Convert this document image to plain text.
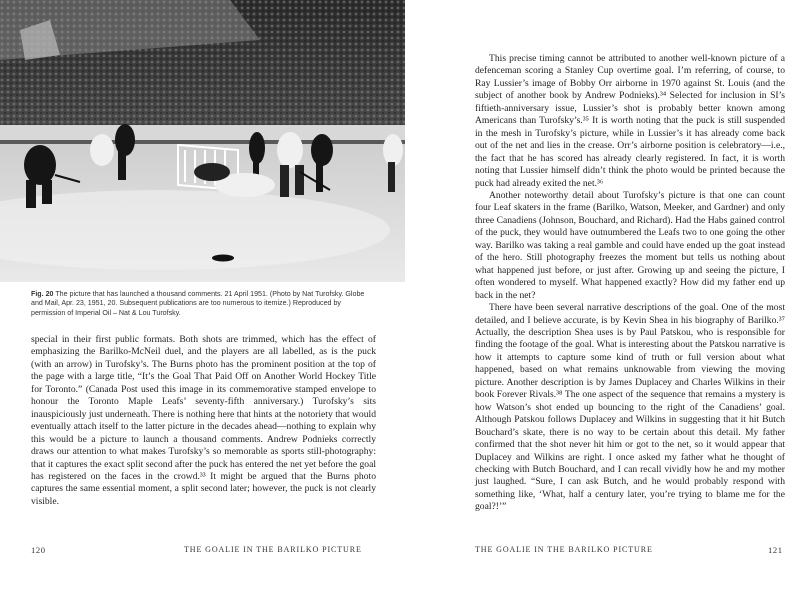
Fig. 20 The picture that has launched a thousand comments. 21 April 1951. (Photo by Nat Turofsky. Globe and Mail, Apr. 23, 1951, 20. Subsequent publications are too numerous to itemize.) Reproduced by permission of Imperial Oil – Nat & Lou Turofsky.

special in their first public formats. Both shots are trimmed, which has the effect of emphasizing the Barilko-McNeil duel, and the players are all labelled, as is the puck (with an arrow) in Turofsky’s. The Burns photo has the prominent position at the top of the page with a large title, “It’s the Goal That Paid Off on Another World Hockey Title for Toronto.” (Canada Post used this image in its commemorative stamped envelope to honour the Toronto Maple Leafs’ seventy-fifth anniversary.) Turofsky’s sits inauspiciously just underneath. There is nothing here that hints at the notoriety that would eventually attach itself to the latter picture in the decades ahead—nothing to explain why this would be a picture to launch a thousand comments. Andrew Podnieks correctly draws our attention to what makes Turofsky’s so memorable as sports still-photography: that it captures the exact split second after the puck has entered the net yet before the goal has registered on the faces in the crowd.³³ It might be argued that the Burns photo captures the same essential moment, a split second later; however, the puck is not clearly visible.

120	THE GOALIE IN THE BARILKO PICTURE

This precise timing cannot be attributed to another well-known picture of a defenceman scoring a Stanley Cup overtime goal. I’m referring, of course, to Ray Lussier’s image of Bobby Orr airborne in 1970 against St. Louis (and the subject of another book by Andrew Podnieks).³⁴ Selected for inclusion in SI’s fiftieth-anniversary issue, Lussier’s shot is probably better known among Americans than Turofsky’s.³⁵ It is worth noting that the puck is still suspended in the mesh in Turofsky’s picture, while in Lussier’s it has already come back out of the net and lies in the crease. Orr’s airborne position is celebratory—i.e., the fact that he has scored has already clearly registered. In fact, it is worth noting that Lussier himself didn’t think the photo would be printed because the puck had already exited the net.³⁶

Another noteworthy detail about Turofsky’s picture is that one can count four Leaf skaters in the frame (Barilko, Watson, Meeker, and Gardner) and only three Canadiens (Johnson, Bouchard, and Richard). Had the Habs gained control of the puck, they would have outnumbered the Leafs two to one going the other way. Barilko was taking a real gamble and could have ended up the goat instead of the hero. Still photography freezes the moment but tells us nothing about what happened just before, or just after. Growing up and seeing the picture, I often wondered to myself. What happened exactly? How did my father end up back in the net?

There have been several narrative descriptions of the goal. One of the most detailed, and I believe accurate, is by Kevin Shea in his biography of Barilko.³⁷ Actually, the description Shea uses is by Paul Patskou, who is responsible for finding the footage of the goal. What is interesting about the Patskou narrative is how it attempts to capture some kind of truth or full version about what happened, based on what remains unknowable from viewing the moving picture. Another description is by James Duplacey and Charles Wilkins in their book Forever Rivals.³⁸ The one aspect of the sequence that remains a mystery is how Watson’s shot ended up bouncing to the right of the Canadiens’ goal. Although Patskou follows Duplacey and Wilkins in suggesting that it hit Butch Bouchard’s skate, there is no way to be certain about this detail. My father confirmed that the shot never hit him or got to the net, so it would appear that Duplacey and Wilkins are right. I once asked my father what he thought of checking with Butch Bouchard, and I can recall vividly how he and my mother just laughed. “Sure, I can ask Butch, and he would probably respond with something like, ‘What, half a century later, you’re trying to blame me for the goal?!’”

THE GOALIE IN THE BARILKO PICTURE	121
